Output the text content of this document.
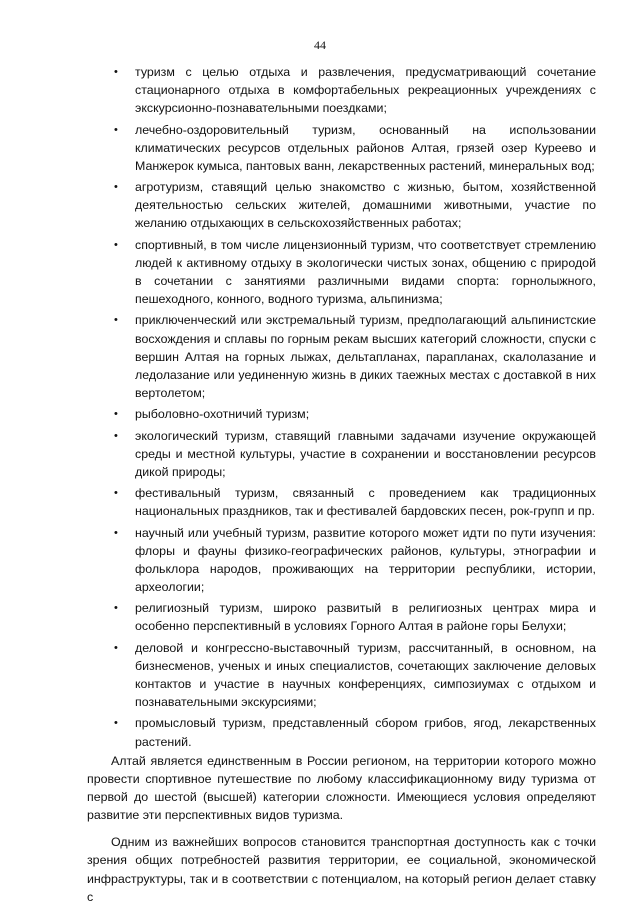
44
• туризм с целью отдыха и развлечения, предусматривающий сочетание стационарного отдыха в комфортабельных рекреационных учреждениях с экскурсионно-познавательными поездками;
• лечебно-оздоровительный туризм, основанный на использовании климатических ресурсов отдельных районов Алтая, грязей озер Куреево и Манжерок кумыса, пантовых ванн, лекарственных растений, минеральных вод;
• агротуризм, ставящий целью знакомство с жизнью, бытом, хозяйственной деятельностью сельских жителей, домашними животными, участие по желанию отдыхающих в сельскохозяйственных работах;
• спортивный, в том числе лицензионный туризм, что соответствует стремлению людей к активному отдыху в экологически чистых зонах, общению с природой в сочетании с занятиями различными видами спорта: горнолыжного, пешеходного, конного, водного туризма, альпинизма;
• приключенческий или экстремальный туризм, предполагающий альпинистские восхождения и сплавы по горным рекам высших категорий сложности, спуски с вершин Алтая на горных лыжах, дельтапланах, парапланах, скалолазание и ледолазание или уединенную жизнь в диких таежных местах с доставкой в них вертолетом;
• рыболовно-охотничий туризм;
• экологический туризм, ставящий главными задачами изучение окружающей среды и местной культуры, участие в сохранении и восстановлении ресурсов дикой природы;
• фестивальный туризм, связанный с проведением как традиционных национальных праздников, так и фестивалей бардовских песен, рок-групп и пр.
• научный или учебный туризм, развитие которого может идти по пути изучения: флоры и фауны физико-географических районов, культуры, этнографии и фольклора народов, проживающих на территории республики, истории, археологии;
• религиозный туризм, широко развитый в религиозных центрах мира и особенно перспективный в условиях Горного Алтая в районе горы Белухи;
• деловой и конгрессно-выставочный туризм, рассчитанный, в основном, на бизнесменов, ученых и иных специалистов, сочетающих заключение деловых контактов и участие в научных конференциях, симпозиумах с отдыхом и познавательными экскурсиями;
• промысловый туризм, представленный сбором грибов, ягод, лекарственных растений.

Алтай является единственным в России регионом, на территории которого можно провести спортивное путешествие по любому классификационному виду туризма от первой до шестой (высшей) категории сложности. Имеющиеся условия определяют развитие эти перспективных видов туризма.

Одним из важнейших вопросов становится транспортная доступность как с точки зрения общих потребностей развития территории, ее социальной, экономической инфраструктуры, так и в соответствии с потенциалом, на который регион делает ставку с
